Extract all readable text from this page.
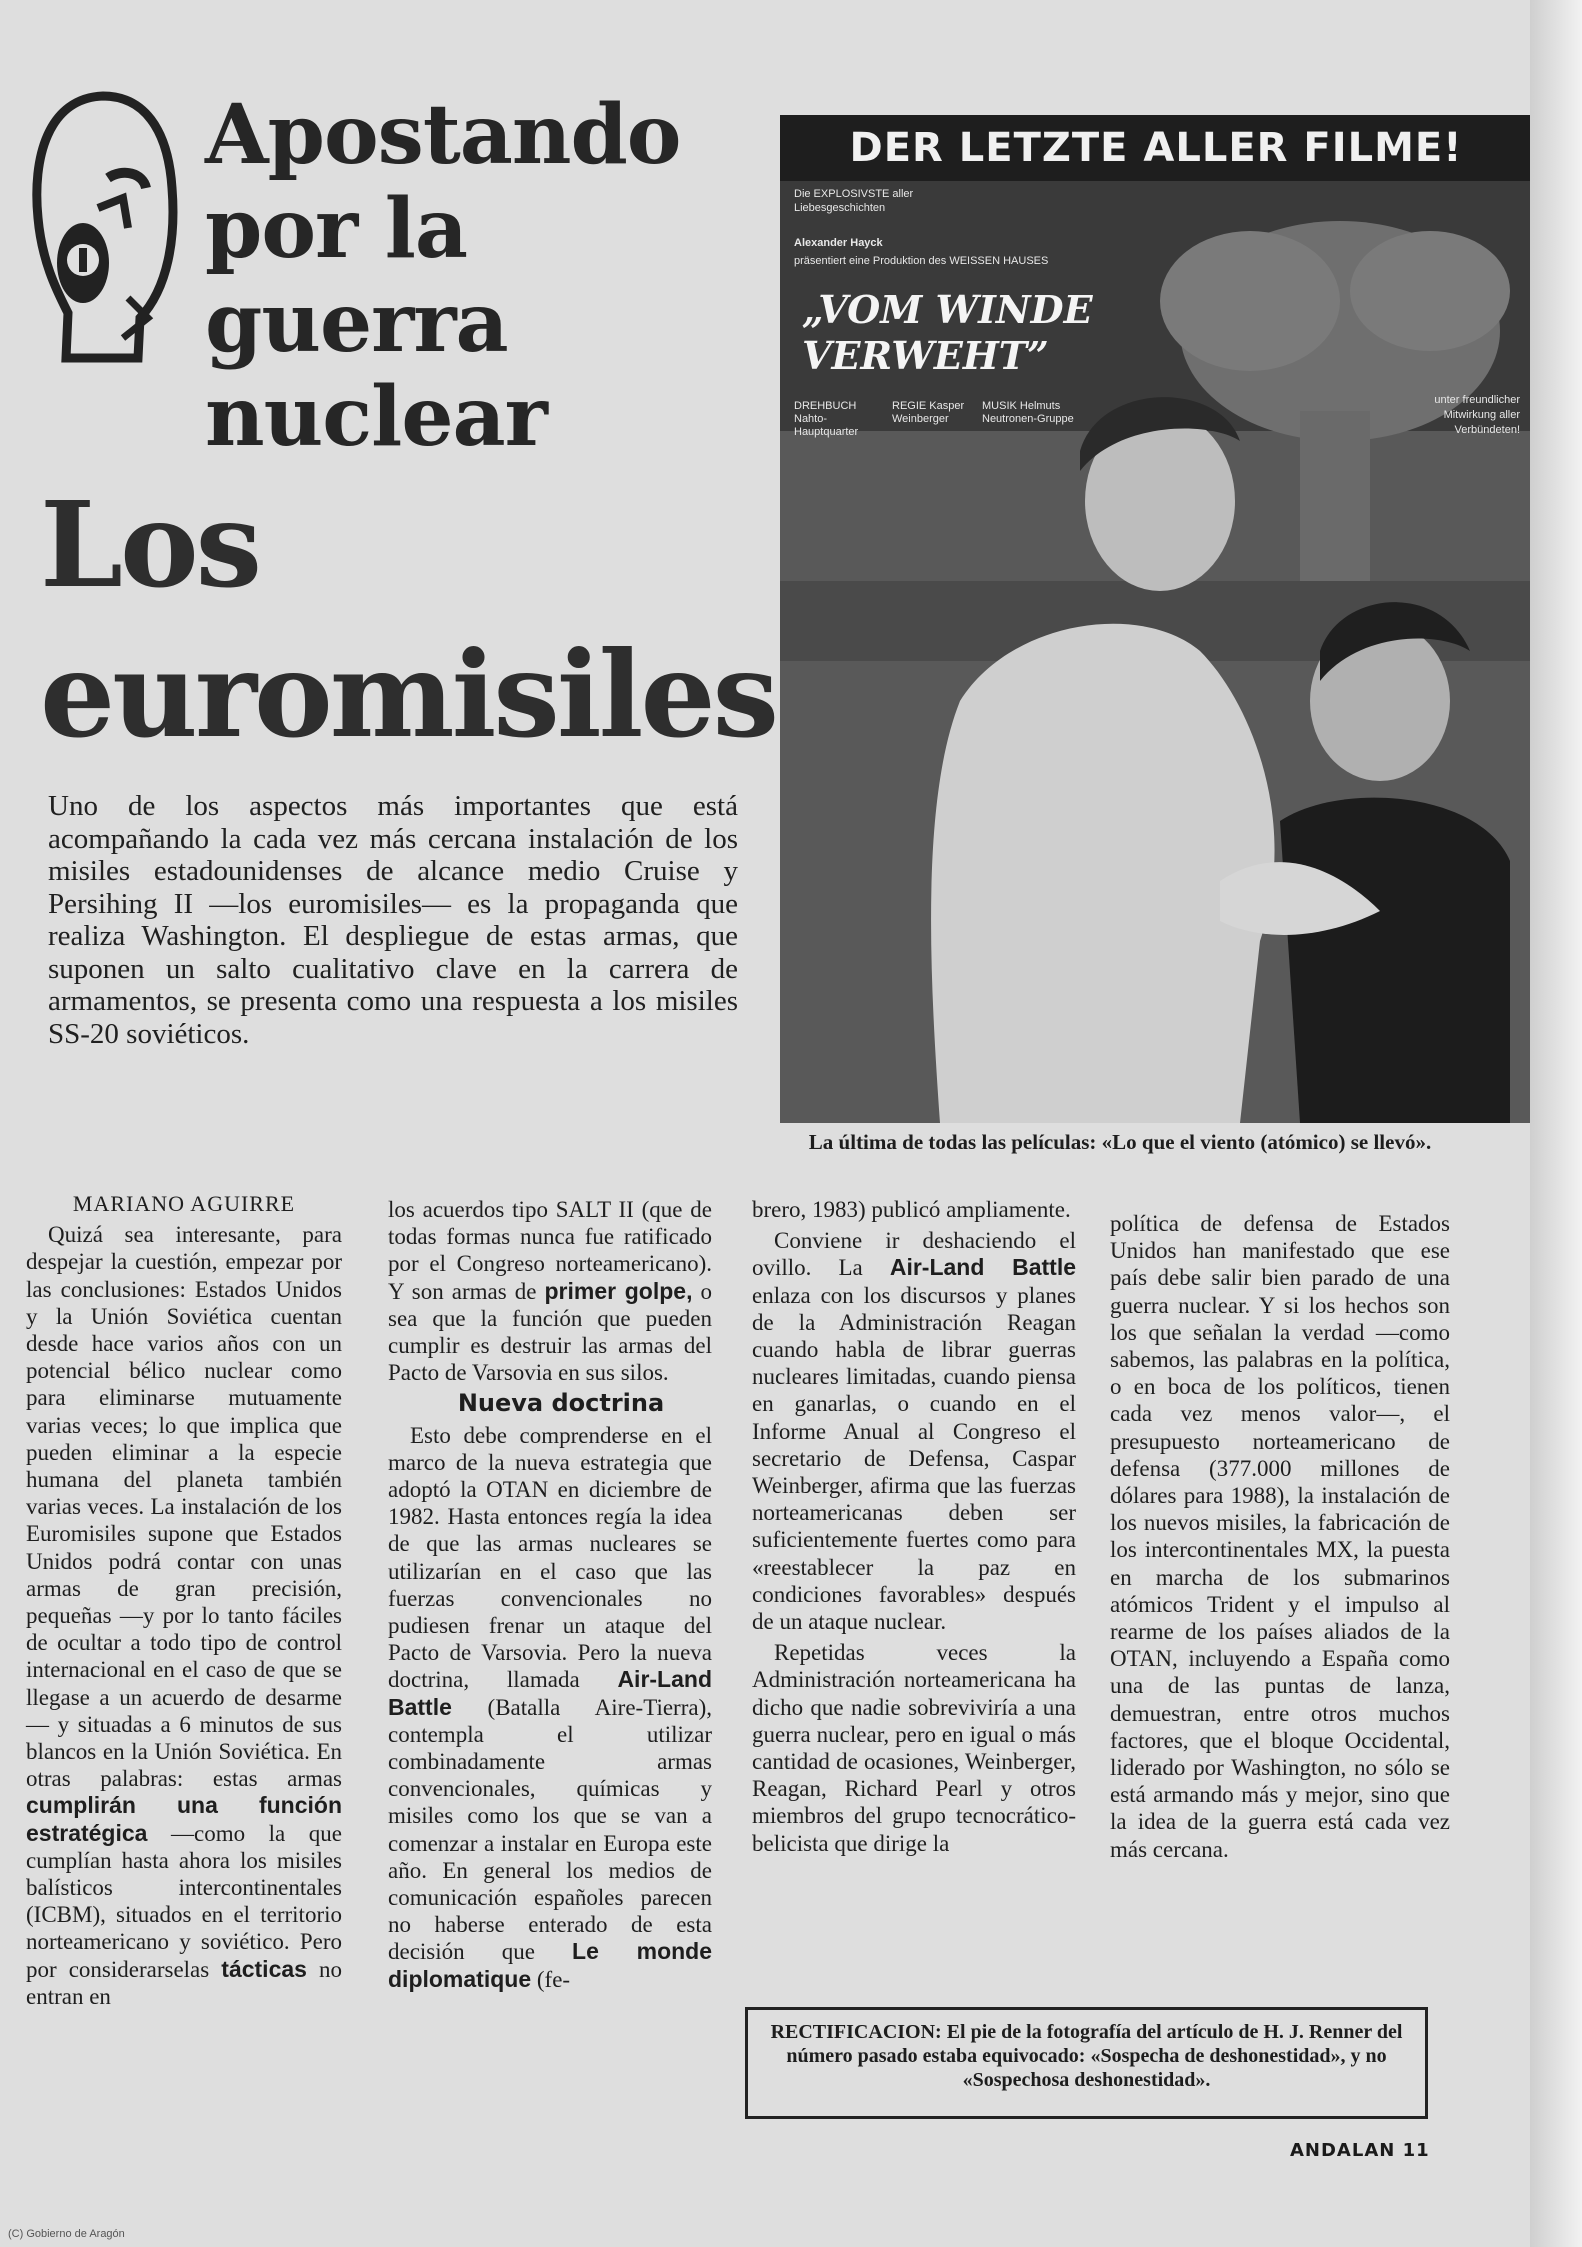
Apostando por la guerra nuclear
Los
euromisiles
Uno de los aspectos más importantes que está acompañando la cada vez más cercana instalación de los misiles estadounidenses de alcance medio Cruise y Persihing II —los euromisiles— es la propaganda que realiza Washington. El despliegue de estas armas, que suponen un salto cualitativo clave en la carrera de armamentos, se presenta como una respuesta a los misiles SS-20 soviéticos.
DER LETZTE ALLER FILME!
Die EXPLOSIVSTE aller Liebesgeschichten
Alexander Hayck
präsentiert eine Produktion des WEISSEN HAUSES
„VOM WINDE VERWEHT”
DREHBUCH Nahto-Hauptquarter
REGIE Kasper Weinberger
MUSIK Helmuts Neutronen-Gruppe
unter freundlicher Mitwirkung aller Verbündeten!
La última de todas las películas: «Lo que el viento (atómico) se llevó».

MARIANO AGUIRRE

Quizá sea interesante, para despejar la cuestión, empezar por las conclusiones: Estados Unidos y la Unión Soviética cuentan desde hace varios años con un potencial bélico nuclear como para eliminarse mutuamente varias veces; lo que implica que pueden eliminar a la especie humana del planeta también varias veces. La instalación de los Euromisiles supone que Estados Unidos podrá contar con unas armas de gran precisión, pequeñas —y por lo tanto fáciles de ocultar a todo tipo de control internacional en el caso de que se llegase a un acuerdo de desarme— y situadas a 6 minutos de sus blancos en la Unión Soviética. En otras palabras: estas armas cumplirán una función estratégica —como la que cumplían hasta ahora los misiles balísticos intercontinentales (ICBM), situados en el territorio norteamericano y soviético. Pero por considerarselas tácticas no entran en

los acuerdos tipo SALT II (que de todas formas nunca fue ratificado por el Congreso norteamericano). Y son armas de primer golpe, o sea que la función que pueden cumplir es destruir las armas del Pacto de Varsovia en sus silos.

Nueva doctrina

Esto debe comprenderse en el marco de la nueva estrategia que adoptó la OTAN en diciembre de 1982. Hasta entonces regía la idea de que las armas nucleares se utilizarían en el caso que las fuerzas convencionales no pudiesen frenar un ataque del Pacto de Varsovia. Pero la nueva doctrina, llamada Air-Land Battle (Batalla Aire-Tierra), contempla el utilizar combinadamente armas convencionales, químicas y misiles como los que se van a comenzar a instalar en Europa este año. En general los medios de comunicación españoles parecen no haberse enterado de esta decisión que Le monde diplomatique (fe-

brero, 1983) publicó ampliamente.

Conviene ir deshaciendo el ovillo. La Air-Land Battle enlaza con los discursos y planes de la Administración Reagan cuando habla de librar guerras nucleares limitadas, cuando piensa en ganarlas, o cuando en el Informe Anual al Congreso el secretario de Defensa, Caspar Weinberger, afirma que las fuerzas norteamericanas deben ser suficientemente fuertes como para «reestablecer la paz en condiciones favorables» después de un ataque nuclear.

Repetidas veces la Administración norteamericana ha dicho que nadie sobreviviría a una guerra nuclear, pero en igual o más cantidad de ocasiones, Weinberger, Reagan, Richard Pearl y otros miembros del grupo tecnocrático-belicista que dirige la

política de defensa de Estados Unidos han manifestado que ese país debe salir bien parado de una guerra nuclear. Y si los hechos son los que señalan la verdad —como sabemos, las palabras en la política, o en boca de los políticos, tienen cada vez menos valor—, el presupuesto norteamericano de defensa (377.000 millones de dólares para 1988), la instalación de los nuevos misiles, la fabricación de los intercontinentales MX, la puesta en marcha de los submarinos atómicos Trident y el impulso al rearme de los países aliados de la OTAN, incluyendo a España como una de las puntas de lanza, demuestran, entre otros muchos factores, que el bloque Occidental, liderado por Washington, no sólo se está armando más y mejor, sino que la idea de la guerra está cada vez más cercana.

RECTIFICACION: El pie de la fotografía del artículo de H. J. Renner del número pasado estaba equivocado: «Sospecha de deshonestidad», y no «Sospechosa deshonestidad».
ANDALAN 11
(C) Gobierno de Aragón
